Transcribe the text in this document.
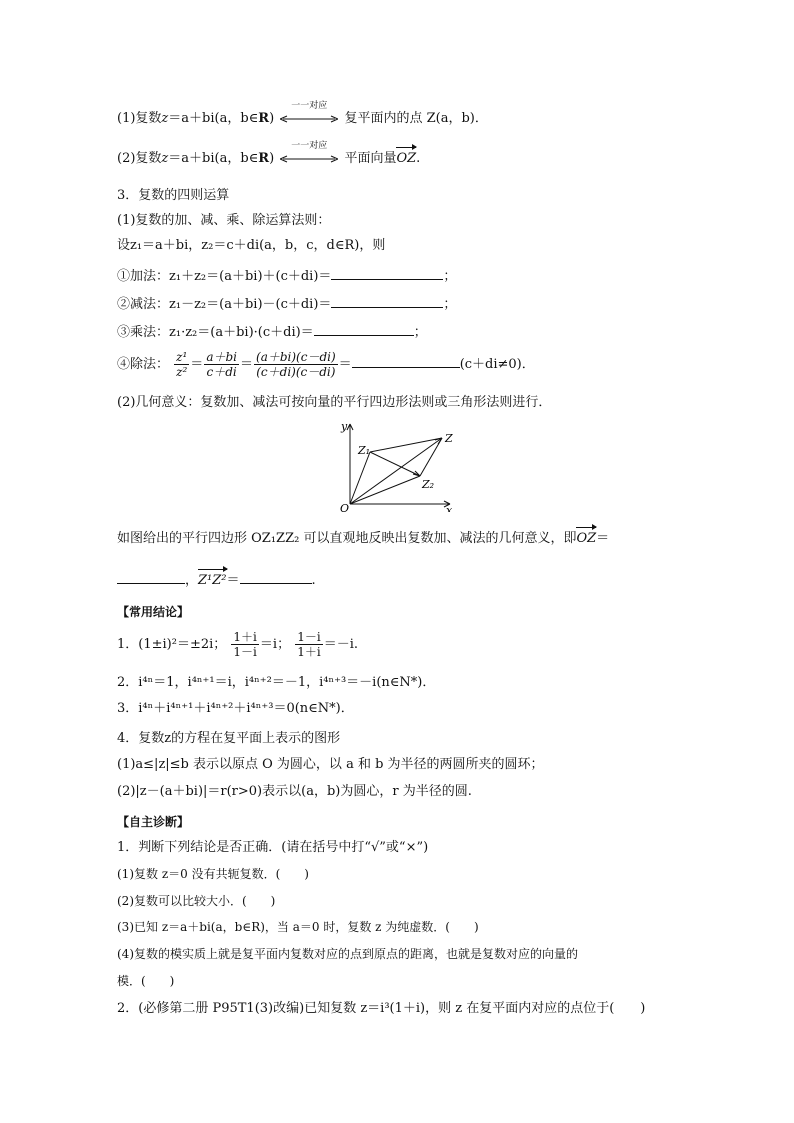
(1)复数z＝a＋bi(a，b∈R)
一一对应
复平面内的点 Z(a，b)．
(2)复数z＝a＋bi(a，b∈R)
一一对应
平面向量OZ.
3．复数的四则运算
(1)复数的加、减、乘、除运算法则：
设z₁＝a＋bi，z₂＝c＋di(a，b，c，d∈R)，则
①加法：z₁＋z₂＝(a＋bi)＋(c＋di)＝	；
②减法：z₁－z₂＝(a＋bi)－(c＋di)＝	；
③乘法：z₁·z₂＝(a＋bi)·(c＋di)＝	；
④除法： $\frac{\text{z¹}}{\text{z²}} = \frac{a+bi}{c+di} = \frac{(a+bi)(c-di)}{(c+di)(c-di)}$ ＝	(c＋di≠0)．
(2)几何意义：复数加、减法可按向量的平行四边形法则或三角形法则进行．
y
x
O
Z
Z₁
Z₂
如图给出的平行四边形 OZ₁ZZ₂ 可以直观地反映出复数加、减法的几何意义，即OZ＝
，Z¹Z²＝	.
【常用结论】
1．(1±i)²＝±2i； $\frac{1+i}{1-i} =i$； $\frac{1-i}{1+i} =-i$.
2．i⁴ⁿ＝1，i⁴ⁿ⁺¹＝i，i⁴ⁿ⁺²＝－1，i⁴ⁿ⁺³＝－i(n∈N*)．
3．i⁴ⁿ＋i⁴ⁿ⁺¹＋i⁴ⁿ⁺²＋i⁴ⁿ⁺³＝0(n∈N*)．
4．复数z的方程在复平面上表示的图形
(1)a≤|z|≤b 表示以原点 O 为圆心，以 a 和 b 为半径的两圆所夹的圆环；
(2)|z－(a＋bi)|＝r(r>0)表示以(a，b)为圆心，r 为半径的圆.
【自主诊断】
1．判断下列结论是否正确．(请在括号中打“√”或“×”)
(1)复数 z＝0 没有共轭复数．(　　)
(2)复数可以比较大小．(　　)
(3)已知 z＝a＋bi(a，b∈R)，当 a＝0 时，复数 z 为纯虚数．(　　)
(4)复数的模实质上就是复平面内复数对应的点到原点的距离，也就是复数对应的向量的
模．(　　)
2．(必修第二册 P95T1(3)改编)已知复数 z＝i³(1＋i)，则 z 在复平面内对应的点位于(　　)
